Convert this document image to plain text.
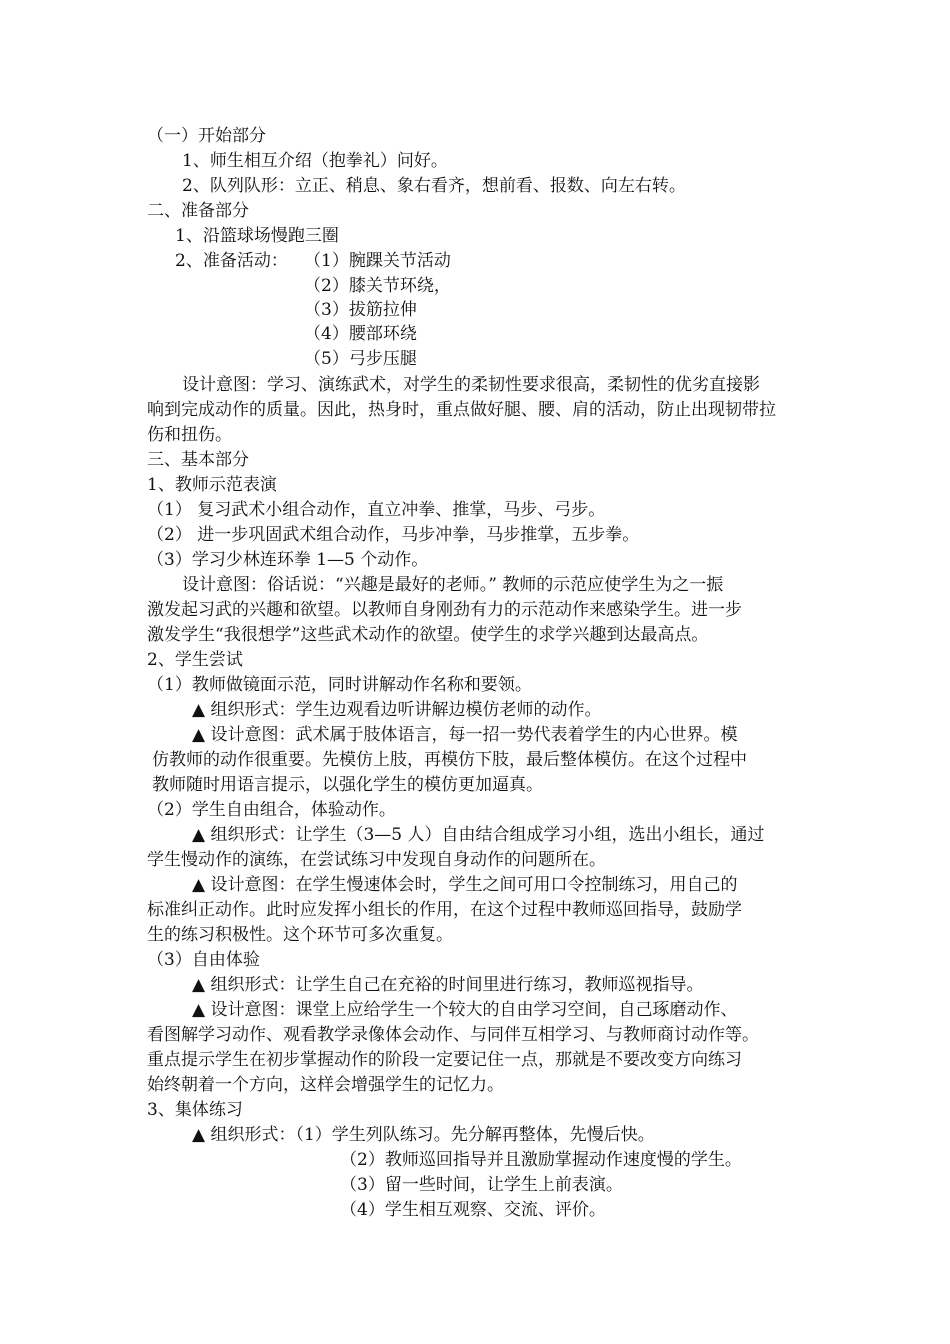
（一）开始部分
1、师生相互介绍（抱拳礼）问好。
2、队列队形：立正、稍息、象右看齐，想前看、报数、向左右转。
二、准备部分
1、沿篮球场慢跑三圈
2、准备活动： （1）腕踝关节活动
（2）膝关节环绕，
（3）拔筋拉伸
（4）腰部环绕
（5）弓步压腿
设计意图：学习、演练武术，对学生的柔韧性要求很高，柔韧性的优劣直接影
响到完成动作的质量。因此，热身时，重点做好腿、腰、肩的活动，防止出现韧带拉
伤和扭伤。
三、基本部分
1、教师示范表演
（1） 复习武术小组合动作，直立冲拳、推掌，马步、弓步。
（2） 进一步巩固武术组合动作，马步冲拳，马步推掌，五步拳。
（3）学习少林连环拳 1—5 个动作。
设计意图：俗话说：“兴趣是最好的老师。” 教师的示范应使学生为之一振
激发起习武的兴趣和欲望。以教师自身刚劲有力的示范动作来感染学生。进一步
激发学生“我很想学”这些武术动作的欲望。使学生的求学兴趣到达最高点。
2、学生尝试
（1）教师做镜面示范，同时讲解动作名称和要领。
▲ 组织形式：学生边观看边听讲解边模仿老师的动作。
▲ 设计意图：武术属于肢体语言，每一招一势代表着学生的内心世界。模
仿教师的动作很重要。先模仿上肢，再模仿下肢，最后整体模仿。在这个过程中
教师随时用语言提示，以强化学生的模仿更加逼真。
（2）学生自由组合，体验动作。
▲ 组织形式：让学生（3—5 人）自由结合组成学习小组，选出小组长，通过
学生慢动作的演练，在尝试练习中发现自身动作的问题所在。
▲ 设计意图：在学生慢速体会时，学生之间可用口令控制练习，用自己的
标准纠正动作。此时应发挥小组长的作用，在这个过程中教师巡回指导，鼓励学
生的练习积极性。这个环节可多次重复。
（3）自由体验
▲ 组织形式：让学生自己在充裕的时间里进行练习，教师巡视指导。
▲ 设计意图：课堂上应给学生一个较大的自由学习空间，自己琢磨动作、
看图解学习动作、观看教学录像体会动作、与同伴互相学习、与教师商讨动作等。
重点提示学生在初步掌握动作的阶段一定要记住一点，那就是不要改变方向练习
始终朝着一个方向，这样会增强学生的记忆力。
3、集体练习
▲ 组织形式：（1）学生列队练习。先分解再整体，先慢后快。
（2）教师巡回指导并且激励掌握动作速度慢的学生。
（3）留一些时间，让学生上前表演。
（4）学生相互观察、交流、评价。
